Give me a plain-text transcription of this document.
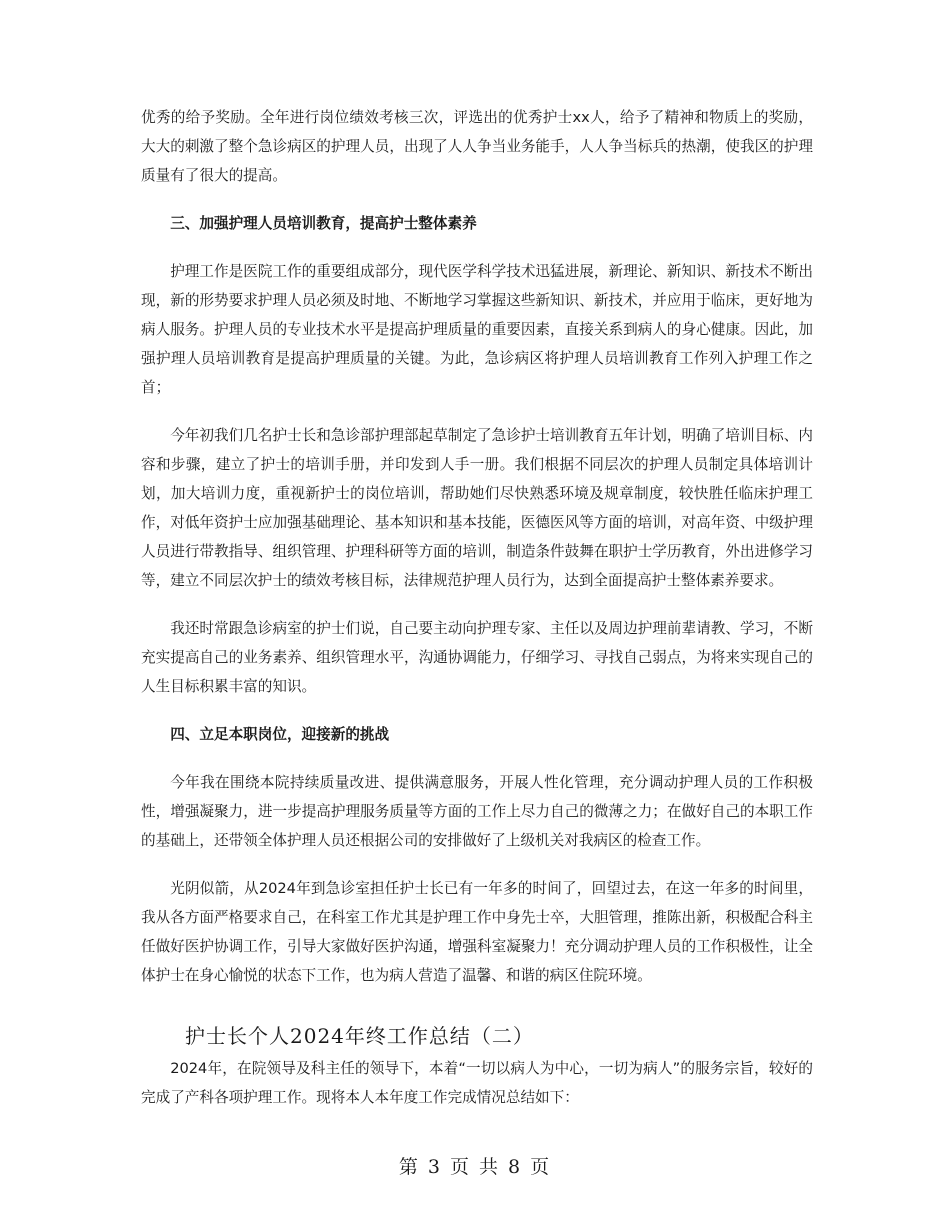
优秀的给予奖励。全年进行岗位绩效考核三次，评选出的优秀护士xx人，给予了精神和物质上的奖励，大大的刺激了整个急诊病区的护理人员，出现了人人争当业务能手，人人争当标兵的热潮，使我区的护理质量有了很大的提高。

三、加强护理人员培训教育，提高护士整体素养

护理工作是医院工作的重要组成部分，现代医学科学技术迅猛进展，新理论、新知识、新技术不断出现，新的形势要求护理人员必须及时地、不断地学习掌握这些新知识、新技术，并应用于临床，更好地为病人服务。护理人员的专业技术水平是提高护理质量的重要因素，直接关系到病人的身心健康。因此，加强护理人员培训教育是提高护理质量的关键。为此，急诊病区将护理人员培训教育工作列入护理工作之首；

今年初我们几名护士长和急诊部护理部起草制定了急诊护士培训教育五年计划，明确了培训目标、内容和步骤，建立了护士的培训手册，并印发到人手一册。我们根据不同层次的护理人员制定具体培训计划，加大培训力度，重视新护士的岗位培训，帮助她们尽快熟悉环境及规章制度，较快胜任临床护理工作，对低年资护士应加强基础理论、基本知识和基本技能，医德医风等方面的培训，对高年资、中级护理人员进行带教指导、组织管理、护理科研等方面的培训，制造条件鼓舞在职护士学历教育，外出进修学习等，建立不同层次护士的绩效考核目标，法律规范护理人员行为，达到全面提高护士整体素养要求。

我还时常跟急诊病室的护士们说，自己要主动向护理专家、主任以及周边护理前辈请教、学习，不断充实提高自己的业务素养、组织管理水平，沟通协调能力，仔细学习、寻找自己弱点，为将来实现自己的人生目标积累丰富的知识。

四、立足本职岗位，迎接新的挑战

今年我在围绕本院持续质量改进、提供满意服务，开展人性化管理，充分调动护理人员的工作积极性，增强凝聚力，进一步提高护理服务质量等方面的工作上尽力自己的微薄之力；在做好自己的本职工作的基础上，还带领全体护理人员还根据公司的安排做好了上级机关对我病区的检查工作。

光阴似箭，从2024年到急诊室担任护士长已有一年多的时间了，回望过去，在这一年多的时间里，我从各方面严格要求自己，在科室工作尤其是护理工作中身先士卒，大胆管理，推陈出新，积极配合科主任做好医护协调工作，引导大家做好医护沟通，增强科室凝聚力！充分调动护理人员的工作积极性，让全体护士在身心愉悦的状态下工作，也为病人营造了温馨、和谐的病区住院环境。

护士长个人2024年终工作总结（二）

2024年，在院领导及科主任的领导下，本着“一切以病人为中心，一切为病人”的服务宗旨，较好的完成了产科各项护理工作。现将本人本年度工作完成情况总结如下：

第 3 页 共 8 页
